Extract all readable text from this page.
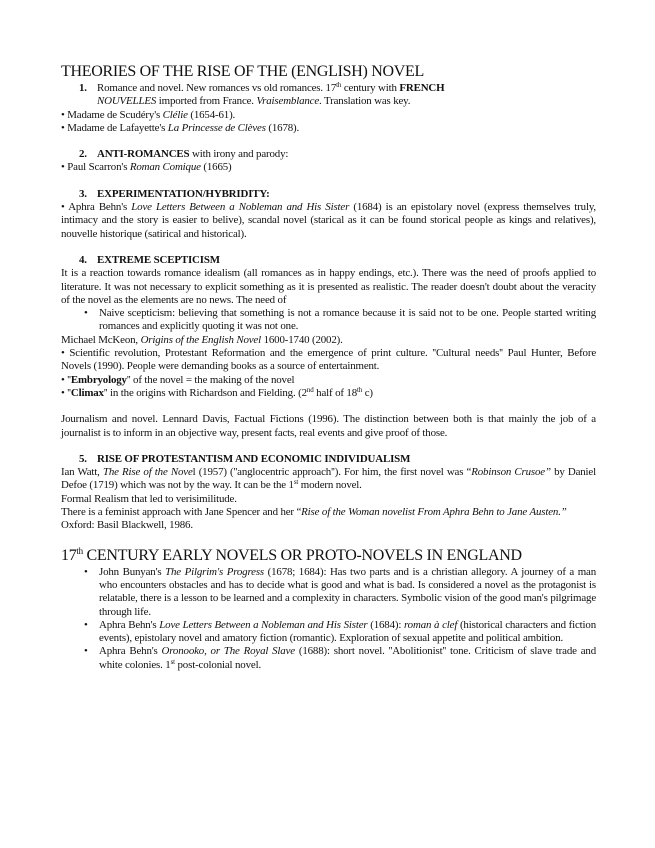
THEORIES OF THE RISE OF THE (ENGLISH) NOVEL

1. Romance and novel. New romances vs old romances. 17th century with FRENCH
NOUVELLES imported from France. Vraisemblance. Translation was key.

• Madame de Scudéry's Clélie (1654-61).

• Madame de Lafayette's La Princesse de Clèves (1678).

2. ANTI-ROMANCES with irony and parody:

• Paul Scarron's Roman Comique (1665)

3. EXPERIMENTATION/HYBRIDITY:

• Aphra Behn's Love Letters Between a Nobleman and His Sister (1684) is an epistolary novel (express themselves truly, intimacy and the story is easier to belive), scandal novel (starical as it can be found storical people as kings and relatives), nouvelle historique (satirical and historical).

4. EXTREME SCEPTICISM

It is a reaction towards romance idealism (all romances as in happy endings, etc.). There was the need of proofs applied to literature. It was not necessary to explicit something as it is presented as realistic. The reader doesn't doubt about the veracity of the novel as the elements are no news. The need of

• Naive scepticism: believing that something is not a romance because it is said not to be one. People started writing romances and explicitly quoting it was not one.

Michael McKeon, Origins of the English Novel 1600-1740 (2002).

• Scientific revolution, Protestant Reformation and the emergence of print culture. ''Cultural needs'' Paul Hunter, Before Novels (1990). People were demanding books as a source of entertainment.

• ''Embryology'' of the novel = the making of the novel

• ''Climax'' in the origins with Richardson and Fielding. (2nd half of 18th c)

Journalism and novel. Lennard Davis, Factual Fictions (1996). The distinction between both is that mainly the job of a journalist is to inform in an objective way, present facts, real events and give proof of those.

5. RISE OF PROTESTANTISM AND ECONOMIC INDIVIDUALISM

Ian Watt, The Rise of the Novel (1957) (''anglocentric approach''). For him, the first novel was “Robinson Crusoe” by Daniel Defoe (1719) which was not by the way. It can be the 1st modern novel.

Formal Realism that led to verisimilitude.

There is a feminist approach with Jane Spencer and her “Rise of the Woman novelist From Aphra Behn to Jane Austen.” Oxford: Basil Blackwell, 1986.

17th CENTURY EARLY NOVELS OR PROTO-NOVELS IN ENGLAND
• John Bunyan's The Pilgrim's Progress (1678; 1684): Has two parts and is a christian allegory. A journey of a man who encounters obstacles and has to decide what is good and what is bad. Is considered a novel as the protagonist is relatable, there is a lesson to be learned and a complexity in characters. Symbolic vision of the good man's pilgrimage through life.
• Aphra Behn's Love Letters Between a Nobleman and His Sister (1684): roman à clef (historical characters and fiction events), epistolary novel and amatory fiction (romantic). Exploration of sexual appetite and political ambition.
• Aphra Behn's Oronooko, or The Royal Slave (1688): short novel. ''Abolitionist'' tone. Criticism of slave trade and white colonies. 1st post-colonial novel.
